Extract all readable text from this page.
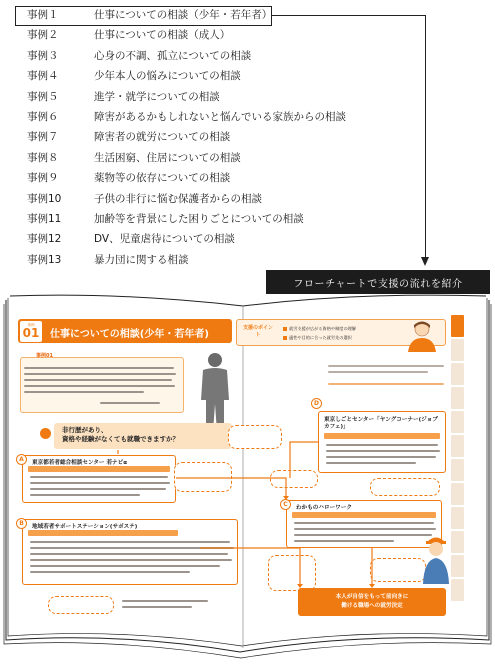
事例１	仕事についての相談（少年・若年者）
事例２	仕事についての相談（成人）
事例３	心身の不調、孤立についての相談
事例４	少年本人の悩みについての相談
事例５	進学・就学についての相談
事例６	障害があるかもしれないと悩んでいる家族からの相談
事例７	障害者の就労についての相談
事例８	生活困窮、住居についての相談
事例９	薬物等の依存についての相談
事例10	子供の非行に悩む保護者からの相談
事例11	加齢等を背景にした困りごとについての相談
事例12	DV、児童虐待についての相談
事例13	暴力団に関する相談
フローチャートで支援の流れを紹介
事例
01 仕事についての相談(少年・若年者)
支援のポイント
就労支援が広がる資格や制度の理解
適性や目的に合った就労先の選択
事例01
非行歴があり、
資格や経験がなくても就職できますか？
A	東京都若者総合相談センター 若ナビα
B	地域若者サポートステーション(サポステ)
C	わかものハローワーク
D
東京しごとセンター「ヤングコーナー(ジョブカフェ)」
本人が自信をもって前向きに
働ける職場への就労決定
